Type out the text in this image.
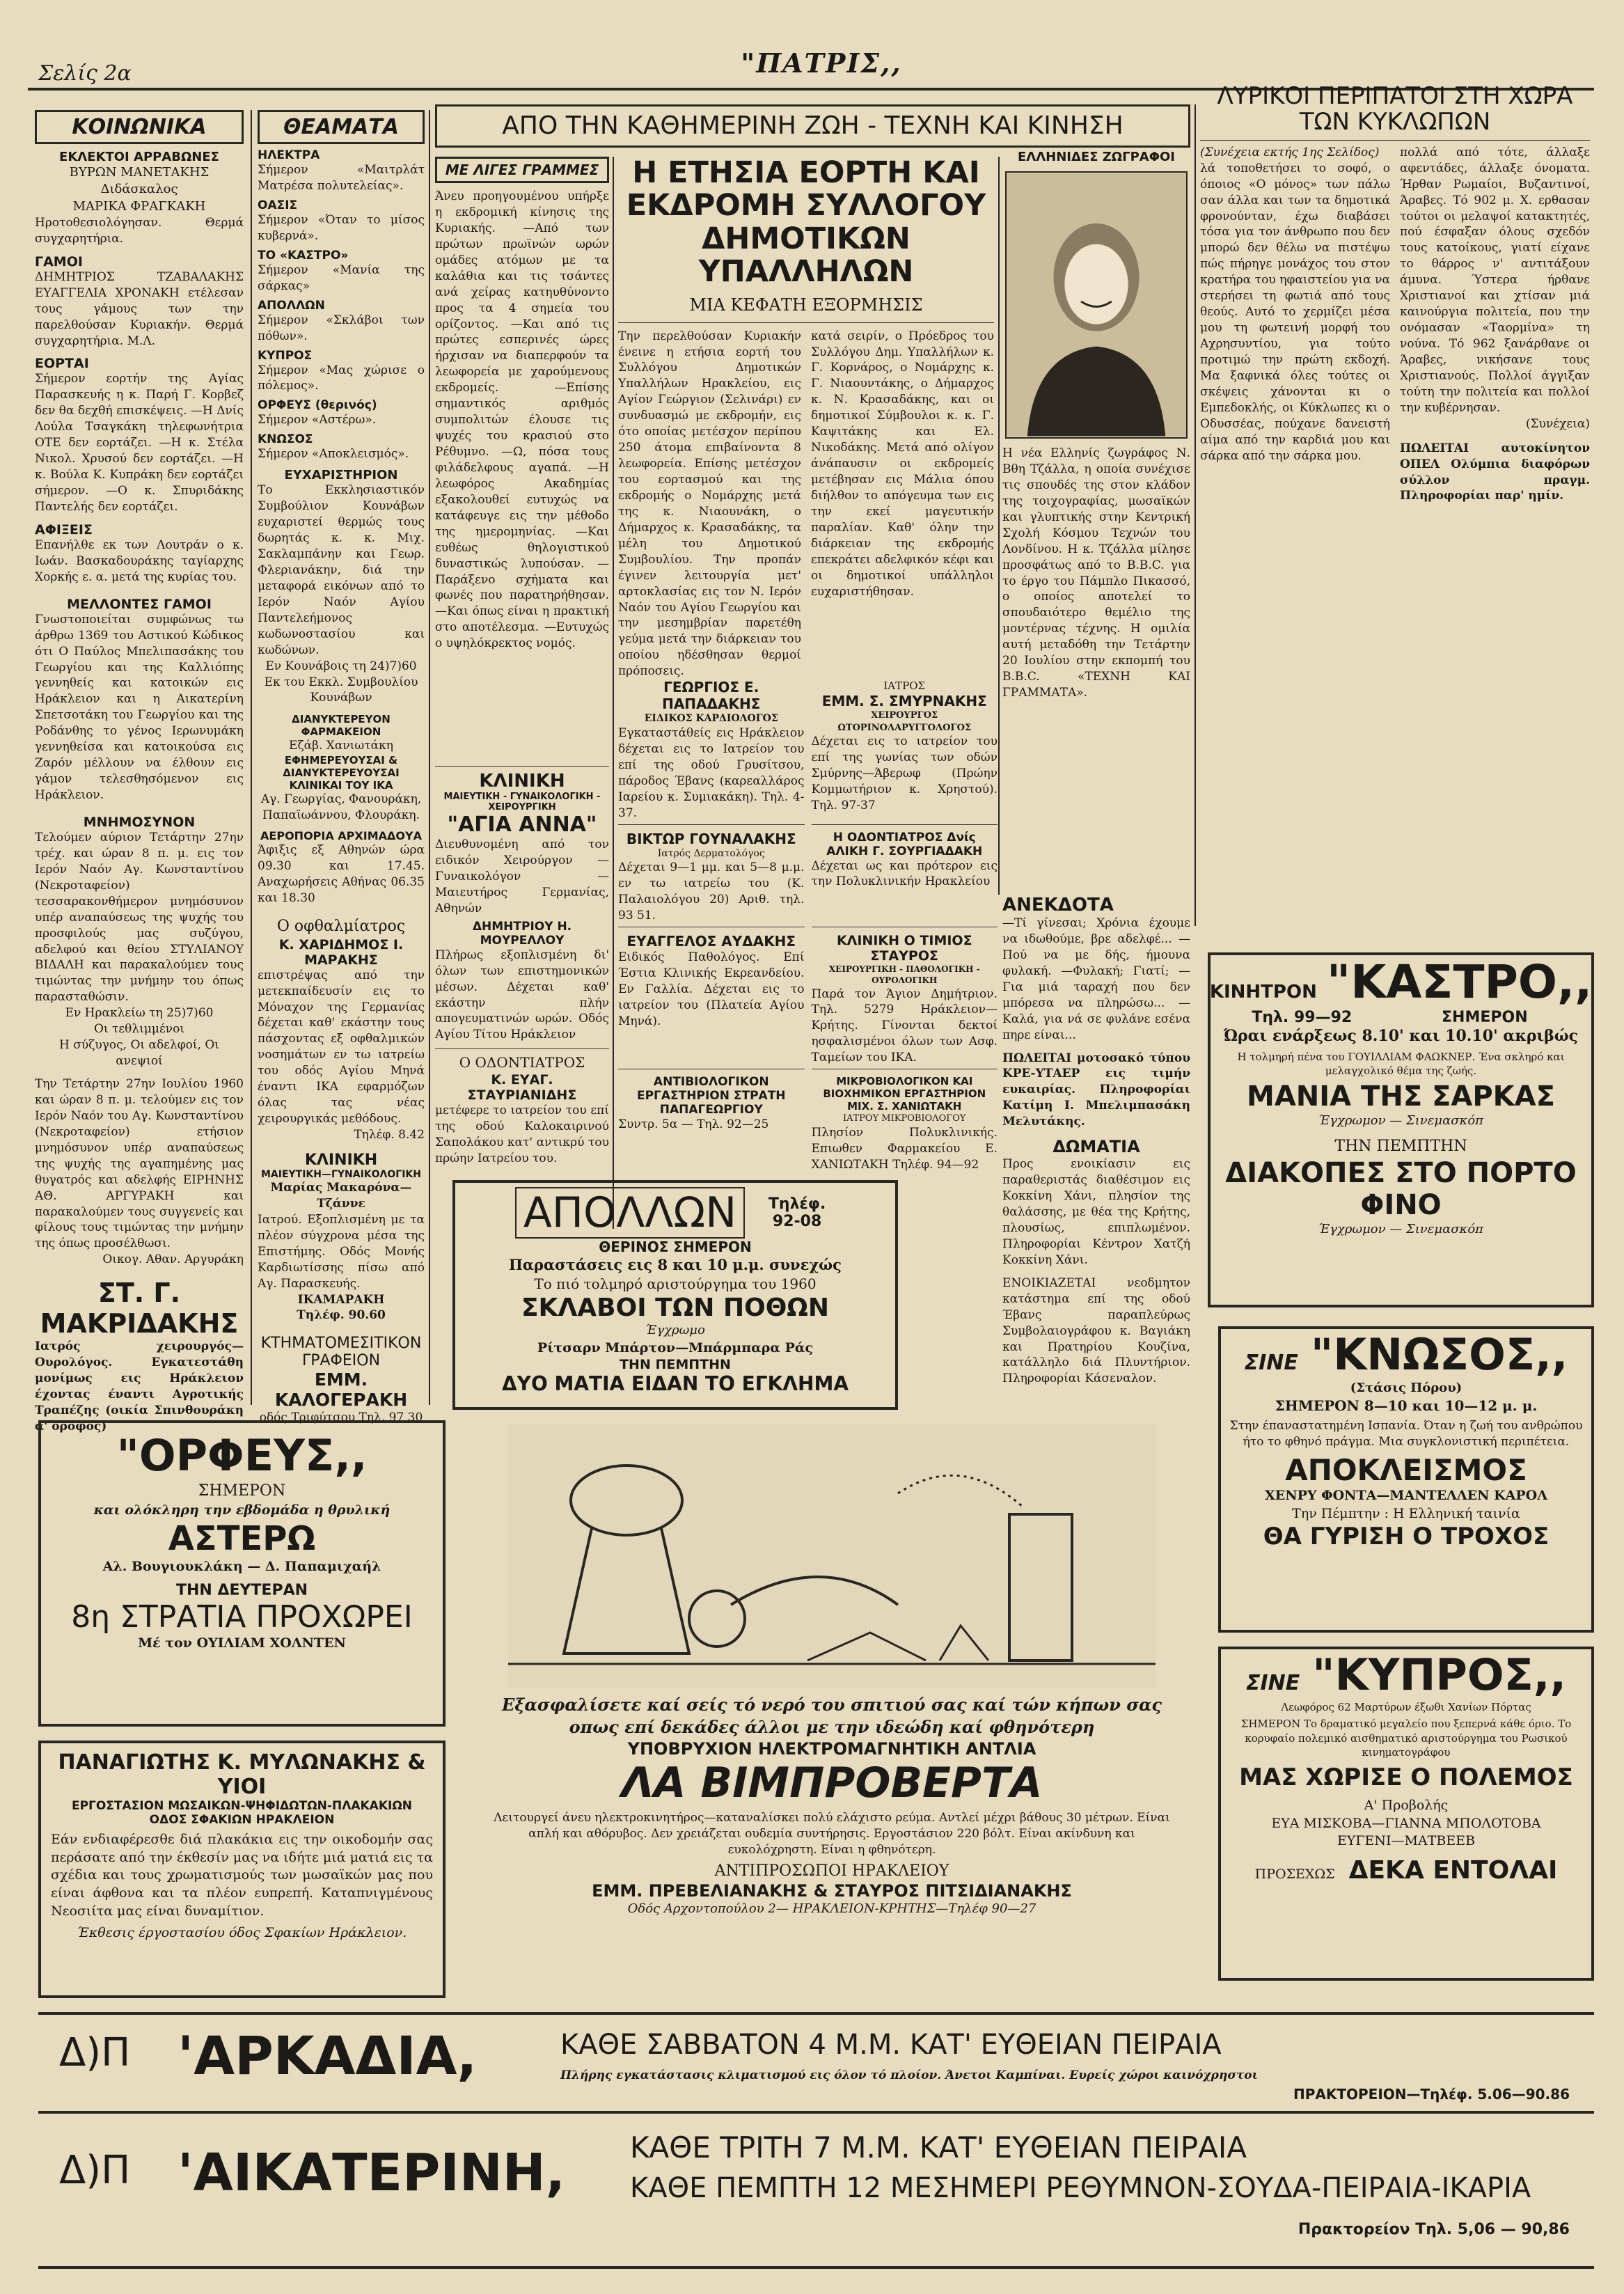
Σελίς 2α	"ΠΑΤΡΙΣ,,
ΚΟΙΝΩΝΙΚΑ
ΕΚΛΕΚΤΟΙ ΑΡΡΑΒΩΝΕΣ
ΒΥΡΩΝ ΜΑΝΕΤΑΚΗΣ
Διδάσκαλος
ΜΑΡΙΚΑ ΦΡΑΓΚΑΚΗ
Ηροτοθεσιολόγησαν. Θερμά συγχαρητήρια.
ΓΑΜΟΙ
ΔΗΜΗΤΡΙΟΣ ΤΖΑΒΑΛΑΚΗΣ ΕΥΑΓΓΕΛΙΑ ΧΡΟΝΑΚΗ ετέλεσαν τους γάμους των την παρελθούσαν Κυριακήν. Θερμά συγχαρητήρια. Μ.Λ.
ΕΟΡΤΑΙ
Σήμερον εορτήν της Αγίας Παρασκευής η κ. Παρή Γ. Κορβεζ δεν θα δεχθή επισκέψεις. —Η Δνίς Λούλα Τσαγκάκη τηλεφωνήτρια ΟΤΕ δεν εορτάζει. —Η κ. Στέλα Νικολ. Χρυσού δεν εορτάζει. —Η κ. Βούλα Κ. Κυπράκη δεν εορτάζει σήμερον. —Ο κ. Σπυριδάκης Παντελής δεν εορτάζει.
ΑΦΙΞΕΙΣ
Επανήλθε εκ των Λουτράν ο κ. Ιωάν. Βασκαδουράκης ταγίαρχης Χορκής ε. α. μετά της κυρίας του.
ΜΕΛΛΟΝΤΕΣ ΓΑΜΟΙ
Γνωστοποιείται συμφώνως τω άρθρω 1369 του Αστικού Κώδικος ότι Ο Παύλος Μπελιπασάκης του Γεωργίου και της Καλλιόπης γεννηθείς και κατοικών εις Ηράκλειον και η Αικατερίνη Σπετσοτάκη του Γεωργίου και της Ροδάνθης το γένος Ιερωνυμάκη γεννηθείσα και κατοικούσα εις Ζαρόν μέλλουν να έλθουν εις γάμον τελεσθησόμενον εις Ηράκλειον.
ΜΝΗΜΟΣΥΝΟΝ
Τελούμεν αύριον Τετάρτην 27ην τρέχ. και ώραν 8 π. μ. εις τον Ιερόν Ναόν Αγ. Κωνσταντίνου (Νεκροταφείον) τεσσαρακονθήμερον μνημόσυνον υπέρ αναπαύσεως της ψυχής του προσφιλούς μας συζύγου, αδελφού και θείου ΣΤΥΛΙΑΝΟΥ ΒΙΔΑΛΗ και παρακαλούμεν τους τιμώντας την μνήμην του όπως παρασταθώσιν.
Εν Ηρακλείω τη 25)7)60
Οι τεθλιμμένοι
Η σύζυγος, Οι αδελφοί, Οι ανεψιοί
Την Τετάρτην 27ην Ιουλίου 1960 και ώραν 8 π. μ. τελούμεν εις τον Ιερόν Ναόν του Αγ. Κωνσταντίνου (Νεκροταφείον) ετήσιον μνημόσυνον υπέρ αναπαύσεως της ψυχής της αγαπημένης μας θυγατρός και αδελφής ΕΙΡΗΝΗΣ ΑΘ. ΑΡΓΥΡΑΚΗ και παρακαλούμεν τους συγγενείς και φίλους τους τιμώντας την μνήμην της όπως προσέλθωσι.
Οικογ. Αθαν. Αργυράκη
ΣΤ. Γ. ΜΑΚΡΙΔΑΚΗΣ
Ιατρός χειρουργός—Ουρολόγος. Εγκατεστάθη μονίμως εις Ηράκλειον έχοντας έναντι Αγροτικής Τραπέζης (οικία Σπινθουράκη α' όροφος)
ΘΕΑΜΑΤΑ
ΗΛΕΚΤΡΑ
Σήμερον «Μαιτρλάτ Ματρέσα πολυτελείας».
ΟΑΣΙΣ
Σήμερον «Όταν το μίσος κυβερνά».
ΤΟ «ΚΑΣΤΡΟ»
Σήμερον «Μανία της σάρκας»
ΑΠΟΛΛΩΝ
Σήμερον «Σκλάβοι των πόθων».
ΚΥΠΡΟΣ
Σήμερον «Μας χώρισε ο πόλεμος».
ΟΡΦΕΥΣ (θερινός)
Σήμερον «Αστέρω».
ΚΝΩΣΟΣ
Σήμερον «Αποκλεισμός».
ΕΥΧΑΡΙΣΤΗΡΙΟΝ
Το Εκκλησιαστικόν Συμβούλιον Κουνάβων ευχαριστεί θερμώς τους δωρητάς κ. κ. Μιχ. Σακλαμπάνην και Γεωρ. Φλεριανάκην, διά την μεταφορά εικόνων από το Ιερόν Ναόν Αγίου Παντελεήμονος κωδωνοστασίου και κωδώνων.
Εν Κουνάβοις τη 24)7)60
Εκ του Εκκλ. Συμβουλίου Κουνάβων
ΔΙΑΝΥΚΤΕΡΕΥΟΝ ΦΑΡΜΑΚΕΙΟΝ
Εζάβ. Χανιωτάκη
ΕΦΗΜΕΡΕΥΟΥΣΑΙ & ΔΙΑΝΥΚΤΕΡΕΥΟΥΣΑΙ ΚΛΙΝΙΚΑΙ ΤΟΥ ΙΚΑ
Αγ. Γεωργίας, Φανουράκη, Παπαϊωάννου, Φλουράκη.
ΑΕΡΟΠΟΡΙΑ ΑΡΧΙΜΑΔΟΥΑ
Άφιξις εξ Αθηνών ώρα 09.30 και 17.45. Αναχωρήσεις Αθήνας 06.35 και 18.30
Ο οφθαλμίατρος
Κ. ΧΑΡΙΔΗΜΟΣ Ι. ΜΑΡΑΚΗΣ
επιστρέψας από την μετεκπαίδευσίν εις το Μόναχον της Γερμανίας δέχεται καθ' εκάστην τους πάσχοντας εξ οφθαλμικών νοσημάτων εν τω ιατρείω του οδός Αγίου Μηνά έναντι ΙΚΑ εφαρμόζων όλας τας νέας χειρουργικάς μεθόδους.
Τηλέφ. 8.42
ΚΛΙΝΙΚΗ
ΜΑΙΕΥΤΙΚΗ—ΓΥΝΑΙΚΟΛΟΓΙΚΗ
Μαρίας Μακαρόνα—Τζάννε
Ιατρού. Εξοπλισμένη με τα πλέον σύγχρονα μέσα της Επιστήμης. Οδός Μονής Καρδιωτίσσης πίσω από Αγ. Παρασκευής.
ΙΚΑΜΑΡΑΚΗ
Τηλέφ. 90.60
ΚΤΗΜΑΤΟΜΕΣΙΤΙΚΟΝ ΓΡΑΦΕΙΟΝ
ΕΜΜ. ΚΑΛΟΓΕΡΑΚΗ
οδός Τριφύτσου Τηλ. 97 30
ΑΠΟ ΤΗΝ ΚΑΘΗΜΕΡΙΝΗ ΖΩΗ - ΤΕΧΝΗ ΚΑΙ ΚΙΝΗΣΗ
ΜΕ ΛΙΓΕΣ ΓΡΑΜΜΕΣ
Άνευ προηγουμένου υπήρξε η εκδρομική κίνησις της Κυριακής. —Από των πρώτων πρωϊνών ωρών ομάδες ατόμων με τα καλάθια και τις τσάντες ανά χείρας κατηυθύνοντο προς τα 4 σημεία του ορίζοντος. —Και από τις πρώτες εσπερινές ώρες ήρχισαν να διαπερφούν τα λεωφορεία με χαρούμενους εκδρομείς. —Επίσης σημαντικός αριθμός συμπολιτών έλουσε τις ψυχές του κρασιού στο Ρέθυμνο. —Ω, πόσα τους φιλάδελφους αγαπά. —Η λεωφόρος Ακαδημίας εξακολουθεί ευτυχώς να κατάφευγε εις την μέθοδο της ημερομηνίας. —Και ευθέως θηλογιστικού δυναστικώς λυπούσαν. —Παράξενο σχήματα και φωνές που παρατηρήθησαν. —Και όπως είναι η πρακτική στο αποτέλεσμα. —Ευτυχώς ο υψηλόκρεκτος νομός.
Η ΕΤΗΣΙΑ ΕΟΡΤΗ ΚΑΙ ΕΚΔΡΟΜΗ ΣΥΛΛΟΓΟΥ ΔΗΜΟΤΙΚΩΝ ΥΠΑΛΛΗΛΩΝ
ΜΙΑ ΚΕΦΑΤΗ ΕΞΟΡΜΗΣΙΣ
Την περελθούσαν Κυριακήν ένεινε η ετήσια εορτή του Συλλόγου Δημοτικών Υπαλλήλων Ηρακλείου, εις Αγίον Γεώργιον (Σελινάρι) εν συνδυασμώ με εκδρομήν, εις ότο οποίας μετέσχον περίπου 250 άτομα επιβαίνοντα 8 λεωφορεία. Επίσης μετέσχον του εορτασμού και της εκδρομής ο Νομάρχης μετά της κ. Νιαουνάκη, ο Δήμαρχος κ. Κρασαδάκης, τα μέλη του Δημοτικού Συμβουλίου. Την προπάν έγινεν λειτουργία μετ' αρτοκλασίας εις τον Ν. Ιερόν Ναόν του Αγίου Γεωργίου και την μεσημβρίαν παρετέθη γεύμα μετά την διάρκειαν του οποίου ηδέσθησαν θερμοί πρόποσεις.
κατά σειρίν, ο Πρόεδρος του Συλλόγου Δημ. Υπαλλήλων κ. Γ. Κορνάρος, ο Νομάρχης κ. Γ. Νιαουντάκης, ο Δήμαρχος κ. Ν. Κρασαδάκης, και οι δημοτικοί Σύμβουλοι κ. κ. Γ. Καψιτάκης και Ελ. Νικοδάκης. Μετά από ολίγον άνάπαυσιν οι εκδρομείς μετέβησαν εις Μάλια όπου διήλθον το απόγευμα των εις την εκεί μαγευτικήν παραλίαν. Καθ' όλην την διάρκειαν της εκδρομής επεκράτει αδελφικόν κέφι και οι δημοτικοί υπάλληλοι ευχαριστήθησαν.
ΕΛΛΗΝΙΔΕΣ ΖΩΓΡΑΦΟΙ
Η νέα Ελληνίς ζωγράφος Ν. Βθη Τζάλλα, η οποία συνέχισε τις σπουδές της στον κλάδον της τοιχογραφίας, μωσαϊκών και γλυπτικής στην Κεντρική Σχολή Κόσμου Τεχνών του Λονδίνου. Η κ. Τζάλλα μίλησε προσφάτως από το B.B.C. για το έργο του Πάμπλο Πικασσό, ο οποίος αποτελεί το σπουδαιότερο θεμέλιο της μοντέρνας τέχνης. Η ομιλία αυτή μεταδόθη την Τετάρτην 20 Ιουλίου στην εκπομπή του B.B.C. «ΤΕΧΝΗ ΚΑΙ ΓΡΑΜΜΑΤΑ».
ΛΥΡΙΚΟΙ ΠΕΡΙΠΑΤΟΙ ΣΤΗ ΧΩΡΑ ΤΩΝ ΚΥΚΛΩΠΩΝ
(Συνέχεια εκτής 1ης Σελίδος)
λά τοποθετήσει το σοφό, ο όποιος «Ο μόνος» των πάλω σαν άλλα και των τα δημοτικά φρονούνταν, έχω διαβάσει τόσα για τον άνθρωπο που δεν μπορώ δεν θέλω να πιστέψω πώς πήρηγε μονάχος του στον κρατήρα του ηφαιστείου για να στερήσει τη φωτιά από τους θεούς. Αυτό το χερμίζει μέσα μου τη φωτεινή μορφή του Αχρησυντίου, για τούτο προτιμώ την πρώτη εκδοχή. Μα ξαφνικά όλες τούτες οι σκέψεις χάνονται κι ο Εμπεδοκλής, οι Κύκλωπες κι ο Οδυσσέας, πούχανε δανειστή αίμα από την καρδιά μου και σάρκα από την σάρκα μου.
πολλά από τότε, άλλαξε αφεντάδες, άλλαξε όνοματα. Ήρθαν Ρωμαίοι, Βυζαντινοί, Άραβες. Τό 902 μ. Χ. ερθασαν τούτοι οι μελαψοί κατακτητές, πού έσφαξαν όλους σχεδόν τους κατοίκους, γιατί είχανε το θάρρος ν' αντιτάξουν άμυνα. Ύστερα ήρθανε Χριστιανοί και χτίσαν μιά καινούργια πολιτεία, που την ονόμασαν «Ταορμίνα» τη νούνα. Τό 962 ξανάρθανε οι Άραβες, νικήσανε τους Χριστιανούς. Πολλοί άγγιξαν τούτη την πολιτεία και πολλοί την κυβέρνησαν.
(Συνέχεια)
ΠΩΛΕΙΤΑΙ αυτοκίνητον ΟΠΕΛ Ολύμπια διαφόρων σύλλον πραγμ. Πληροφορίαι παρ' ημίν.
ΓΕΩΡΓΙΟΣ Ε. ΠΑΠΑΔΑΚΗΣ
ΕΙΔΙΚΟΣ ΚΑΡΔΙΟΛΟΓΟΣ
Εγκαταστάθείς εις Ηράκλειον δέχεται εις το Ιατρείον του επί της οδού Γρυσίτσου, πάροδος Έβανς (καρεαλλάρος Ιαρείου κ. Συμιακάκη). Τηλ. 4-37.
ΙΑΤΡΟΣ
ΕΜΜ. Σ. ΣΜΥΡΝΑΚΗΣ
ΧΕΙΡΟΥΡΓΟΣ ΩΤΟΡΙΝΟΛΑΡΥΓΓΟΛΟΓΟΣ
Δέχεται εις το ιατρείον του επί της γωνίας των οδών Σμύρνης—Άβερωφ (Πρώην Κομμωτήριον κ. Χρηστού). Τηλ. 97-37
ΒΙΚΤΩΡ ΓΟΥΝΑΛΑΚΗΣ
Ιατρός Δερματολόγος
Δέχεται 9—1 μμ. και 5—8 μ.μ. εν τω ιατρείω του (Κ. Παλαιολόγου 20) Αριθ. τηλ. 93 51.
Η ΟΔΟΝΤΙΑΤΡΟΣ Δνίς ΑΛΙΚΗ Γ. ΣΟΥΡΓΙΑΔΑΚΗ
Δέχεται ως και πρότερον εις την Πολυκλινικήν Ηρακλείου
ΕΥΑΓΓΕΛΟΣ ΑΥΔΑΚΗΣ
Ειδικός Παθολόγος. Επί Έστια Κλινικής Εκρεανδείου. Εν Γαλλία. Δέχεται εις το ιατρείον του (Πλατεία Αγίου Μηνά).
ΚΛΙΝΙΚΗ Ο ΤΙΜΙΟΣ ΣΤΑΥΡΟΣ
ΧΕΙΡΟΥΡΓΙΚΗ - ΠΑΘΟΛΟΓΙΚΗ - ΟΥΡΟΛΟΓΙΚΗ
Παρά τον Άγιον Δημήτριον. Τηλ. 5279 Ηράκλειον—Κρήτης. Γίνονται δεκτοί ησφαλισμένοι όλων των Ασφ. Ταμείων του ΙΚΑ.
ΑΝΤΙΒΙΟΛΟΓΙΚΟΝ ΕΡΓΑΣΤΗΡΙΟΝ ΣΤΡΑΤΗ ΠΑΠΑΓΕΩΡΓΙΟΥ
Συντρ. 5α — Τηλ. 92—25
ΜΙΚΡΟΒΙΟΛΟΓΙΚΟΝ ΚΑΙ ΒΙΟΧΗΜΙΚΟΝ ΕΡΓΑΣΤΗΡΙΟΝ ΜΙΧ. Σ. ΧΑΝΙΩΤΑΚΗ
ΙΑΤΡΟΥ ΜΙΚΡΟΒΙΟΛΟΓΟΥ
Πλησίον Πολυκλινικής. Επιωθεν Φαρμακείου Ε. ΧΑΝΙΩΤΑΚΗ Τηλέφ. 94—92
ΚΛΙΝΙΚΗ
ΜΑΙΕΥΤΙΚΗ - ΓΥΝΑΙΚΟΛΟΓΙΚΗ - ΧΕΙΡΟΥΡΓΙΚΗ
"ΑΓΙΑ ΑΝΝΑ"
Διευθυνομένη από τον ειδικόν Χειρούργον — Γυναικολόγον — Μαιευτήρος Γερμανίας, Αθηνών
ΔΗΜΗΤΡΙΟΥ Η. ΜΟΥΡΕΛΛΟΥ
Πλήρως εξοπλισμένη δι' όλων των επιστημονικών μέσων. Δέχεται καθ' εκάστην πλήν απογευματινών ωρών. Οδός Αγίου Τίτου Ηράκλειον
Ο ΟΔΟΝΤΙΑΤΡΟΣ
Κ. ΕΥΑΓ. ΣΤΑΥΡΙΑΝΙΔΗΣ
μετέφερε το ιατρείον του επί της οδού Καλοκαιρινού Σαπολάκου κατ' αντικρύ του πρώην Ιατρείου του.
ΑΝΕΚΔΟΤΑ
—Τί γίνεσαι; Χρόνια έχουμε να ιδωθούμε, βρε αδελφέ... —Πού να με δής, ήμουνα φυλακή. —Φυλακή; Γιατί; —Για μιά ταραχή που δεν μπόρεσα να πληρώσω... —Καλά, για νά σε φυλάνε εσένα πηρε είναι...
ΠΩΛΕΙΤΑΙ μοτοσακό τύπου ΚΡΕ-ΥΤΑΕΡ εις τιμήν ευκαιρίας. Πληροφορίαι Κατίμη Ι. Μπελιμπασάκη Μελυτάκης.
ΔΩΜΑΤΙΑ
Προς ενοικίασιν εις παραθεριστάς διαθέσιμον εις Κοκκίνη Χάνι, πλησίον της θαλάσσης, με θέα της Κρήτης, πλουσίως, επιπλωμένον. Πληροφορίαι Κέντρον Χατζή Κοκκίνη Χάνι.
ΕΝΟΙΚΙΑΖΕΤΑΙ νεοδμητον κατάστημα επί της οδού Έβανς παραπλεύρως Συμβολαιογράφου κ. Βαγιάκη και Πρατηρίου Κουζίνα, κατάλληλο διά Πλυντήριον. Πληροφορίαι Κάσεναλον.
ΑΠΟΛΛΩΝ	Τηλέφ. 92-08
ΘΕΡΙΝΟΣ ΣΗΜΕΡΟΝ
Παραστάσεις εις 8 και 10 μ.μ. συνεχώς
Το πιό τολμηρό αριστούργημα του 1960
ΣΚΛΑΒΟΙ ΤΩΝ ΠΟΘΩΝ
Έγχρωμο
Ρίτσαρν Μπάρτον—Μπάρμπαρα Ράς
ΤΗΝ ΠΕΜΠΤΗΝ
ΔΥΟ ΜΑΤΙΑ ΕΙΔΑΝ ΤΟ ΕΓΚΛΗΜΑ
ΚΙΝΗΤΡΟΝ "ΚΑΣΤΡΟ,,
Τηλ. 99—92	ΣΗΜΕΡΟΝ
Ώραι ενάρξεως 8.10' και 10.10' ακριβώς
Η τολμηρή πένα του ΓΟΥΙΛΛΙΑΜ ΦΑΩΚΝΕΡ. Ένα σκληρό και μελαγχολικό θέμα της ζωής.
ΜΑΝΙΑ ΤΗΣ ΣΑΡΚΑΣ
Έγχρωμον — Σινεμασκόπ
ΤΗΝ ΠΕΜΠΤΗΝ
ΔΙΑΚΟΠΕΣ ΣΤΟ ΠΟΡΤΟ ΦΙΝΟ
Έγχρωμον — Σινεμασκόπ
ΣΙΝΕ "ΚΝΩΣΟΣ,,
(Στάσις Πόρου)
ΣΗΜΕΡΟΝ 8—10 και 10—12 μ. μ.
Στην έπαναστατημένη Ισπανία. Όταν η ζωή του ανθρώπου ήτο το φθηνό πράγμα. Μια συγκλονιστική περιπέτεια.
ΑΠΟΚΛΕΙΣΜΟΣ
ΧΕΝΡΥ ΦΟΝΤΑ—ΜΑΝΤΕΛΛΕΝ ΚΑΡΟΛ
Την Πέμπτην : Η Ελληνική ταινία
ΘΑ ΓΥΡΙΣΗ Ο ΤΡΟΧΟΣ
ΣΙΝΕ "ΚΥΠΡΟΣ,,
Λεωφόρος 62 Μαρτύρων έξωθι Χανίων Πόρτας
ΣΗΜΕΡΟΝ Το δραματικό μεγαλείο που ξεπερνά κάθε όριο. Το κορυφαίο πολεμικό αισθηματικό αριστούργημα του Ρωσικού κινηματογράφου
ΜΑΣ ΧΩΡΙΣΕ Ο ΠΟΛΕΜΟΣ
Α' Προβολής
ΕΥΑ ΜΙΣΚΟΒΑ—ΓΙΑΝΝΑ ΜΠΟΛΟΤΟΒΑ
ΕΥΓΕΝΙ—ΜΑΤΒΕΕΒ
ΠΡΟΣΕΧΩΣ ΔΕΚΑ ΕΝΤΟΛΑΙ
"ΟΡΦΕΥΣ,,
ΣΗΜΕΡΟΝ
και ολόκληρη την εβδομάδα η θρυλική
ΑΣΤΕΡΩ
Αλ. Βουγιουκλάκη — Δ. Παπαμιχαήλ
ΤΗΝ ΔΕΥΤΕΡΑΝ
8η ΣΤΡΑΤΙΑ ΠΡΟΧΩΡΕΙ
Μέ τον ΟΥΙΛΙΑΜ ΧΟΛΝΤΕΝ
ΠΑΝΑΓΙΩΤΗΣ Κ. ΜΥΛΩΝΑΚΗΣ & ΥΙΟΙ
ΕΡΓΟΣΤΑΣΙΟΝ ΜΩΣΑΙΚΩΝ-ΨΗΦΙΔΩΤΩΝ-ΠΛΑΚΑΚΙΩΝ
ΟΔΟΣ ΣΦΑΚΙΩΝ ΗΡΑΚΛΕΙΟΝ
Εάν ενδιαφέρεσθε διά πλακάκια εις την οικοδομήν σας περάσατε από την έκθεσίν μας να ιδήτε μιά ματιά εις τα σχέδια και τους χρωματισμούς των μωσαϊκών μας που είναι άφθονα και τα πλέον ευπρεπή. Καταπνιγμένους Νεοσιίτα μας είναι δυναμίτιον.
Έκθεσις έργοστασίου όδος Σφακίων Ηράκλειον.
Εξασφαλίσετε καί σείς τό νερό του σπιτιού σας καί τών κήπων σας οπως επί δεκάδες άλλοι με την ιδεώδη καί φθηνότερη
ΥΠΟΒΡΥΧΙΟΝ ΗΛΕΚΤΡΟΜΑΓΝΗΤΙΚΗ ΑΝΤΛΙΑ
ΛΑ ΒΙΜΠΡΟΒΕΡΤΑ
Λειτουργεί άνευ ηλεκτροκινητήρος—καταναλίσκει πολύ ελάχιστο ρεύμα. Αντλεί μέχρι βάθους 30 μέτρων. Είναι απλή και αθόρυβος. Δεν χρειάζεται ουδεμία συντήρησις. Εργοστάσιον 220 βόλτ. Είναι ακίνδυνη και ευκολόχρηστη. Είναι η φθηνότερη.
ΑΝΤΙΠΡΟΣΩΠΟΙ ΗΡΑΚΛΕΙΟΥ
ΕΜΜ. ΠΡΕΒΕΛΙΑΝΑΚΗΣ & ΣΤΑΥΡΟΣ ΠΙΤΣΙΔΙΑΝΑΚΗΣ
Οδός Αρχοντοπούλου 2— ΗΡΑΚΛΕΙΟΝ-ΚΡΗΤΗΣ—Τηλέφ 90—27
Δ)Π 'ΑΡΚΑΔΙΑ,	ΚΑΘΕ ΣΑΒΒΑΤΟΝ 4 Μ.Μ. ΚΑΤ' ΕΥΘΕΙΑΝ ΠΕΙΡΑΙΑ
Πλήρης εγκατάστασις κλιματισμού εις όλον τό πλοίον. Άνετοι Καμπίναι. Ευρείς χώροι καινόχρηστοι
ΠΡΑΚΤΟΡΕΙΟΝ—Τηλέφ. 5.06—90.86
Δ)Π 'ΑΙΚΑΤΕΡΙΝΗ, ΚΑΘΕ ΤΡΙΤΗ 7 Μ.Μ. ΚΑΤ' ΕΥΘΕΙΑΝ ΠΕΙΡΑΙΑ
ΚΑΘΕ ΠΕΜΠΤΗ 12 ΜΕΣΗΜΕΡΙ ΡΕΘΥΜΝΟΝ-ΣΟΥΔΑ-ΠΕΙΡΑΙΑ-ΙΚΑΡΙΑ
Πρακτορείον Τηλ. 5,06 — 90,86
